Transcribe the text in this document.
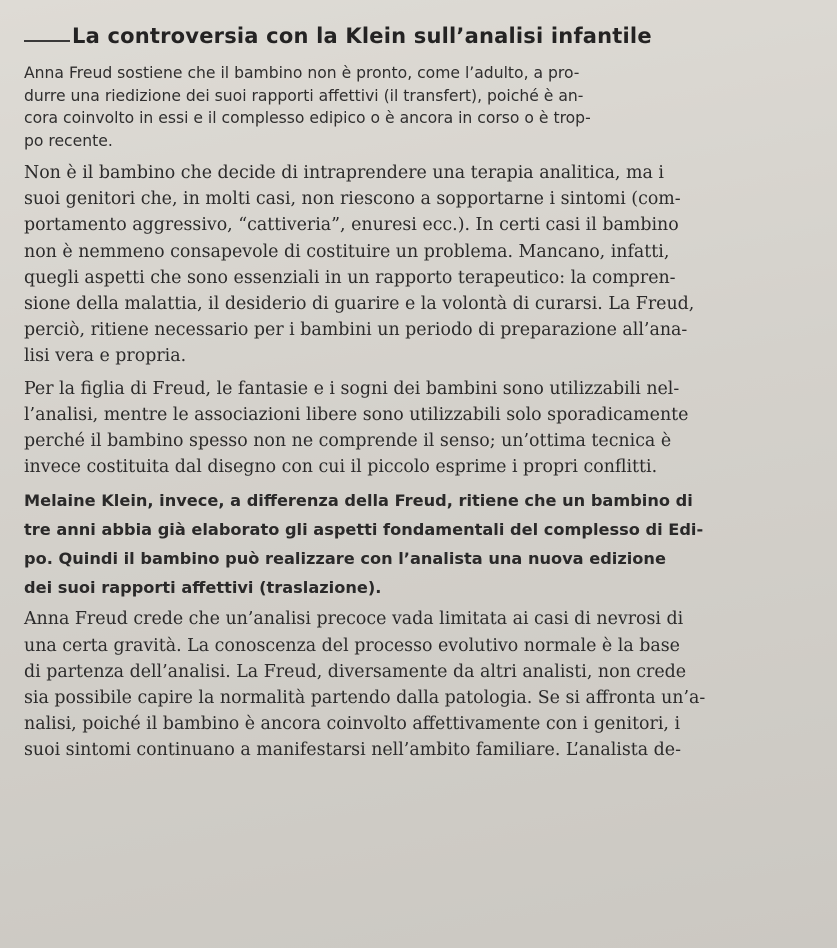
La controversia con la Klein sull’analisi infantile

Anna Freud sostiene che il bambino non è pronto, come l’adulto, a pro-
durre una riedizione dei suoi rapporti affettivi (il transfert), poiché è an-
cora coinvolto in essi e il complesso edipico o è ancora in corso o è trop-
po recente.

Non è il bambino che decide di intraprendere una terapia analitica, ma i
suoi genitori che, in molti casi, non riescono a sopportarne i sintomi (com-
portamento aggressivo, “cattiveria”, enuresi ecc.). In certi casi il bambino
non è nemmeno consapevole di costituire un problema. Mancano, infatti,
quegli aspetti che sono essenziali in un rapporto terapeutico: la compren-
sione della malattia, il desiderio di guarire e la volontà di curarsi. La Freud,
perciò, ritiene necessario per i bambini un periodo di preparazione all’ana-
lisi vera e propria.

Per la figlia di Freud, le fantasie e i sogni dei bambini sono utilizzabili nel-
l’analisi, mentre le associazioni libere sono utilizzabili solo sporadicamente
perché il bambino spesso non ne comprende il senso; un’ottima tecnica è
invece costituita dal disegno con cui il piccolo esprime i propri conflitti.

Melaine Klein, invece, a differenza della Freud, ritiene che un bambino di
tre anni abbia già elaborato gli aspetti fondamentali del complesso di Edi-
po. Quindi il bambino può realizzare con l’analista una nuova edizione
dei suoi rapporti affettivi (traslazione).

Anna Freud crede che un’analisi precoce vada limitata ai casi di nevrosi di
una certa gravità. La conoscenza del processo evolutivo normale è la base
di partenza dell’analisi. La Freud, diversamente da altri analisti, non crede
sia possibile capire la normalità partendo dalla patologia. Se si affronta un’a-
nalisi, poiché il bambino è ancora coinvolto affettivamente con i genitori, i
suoi sintomi continuano a manifestarsi nell’ambito familiare. L’analista de-
